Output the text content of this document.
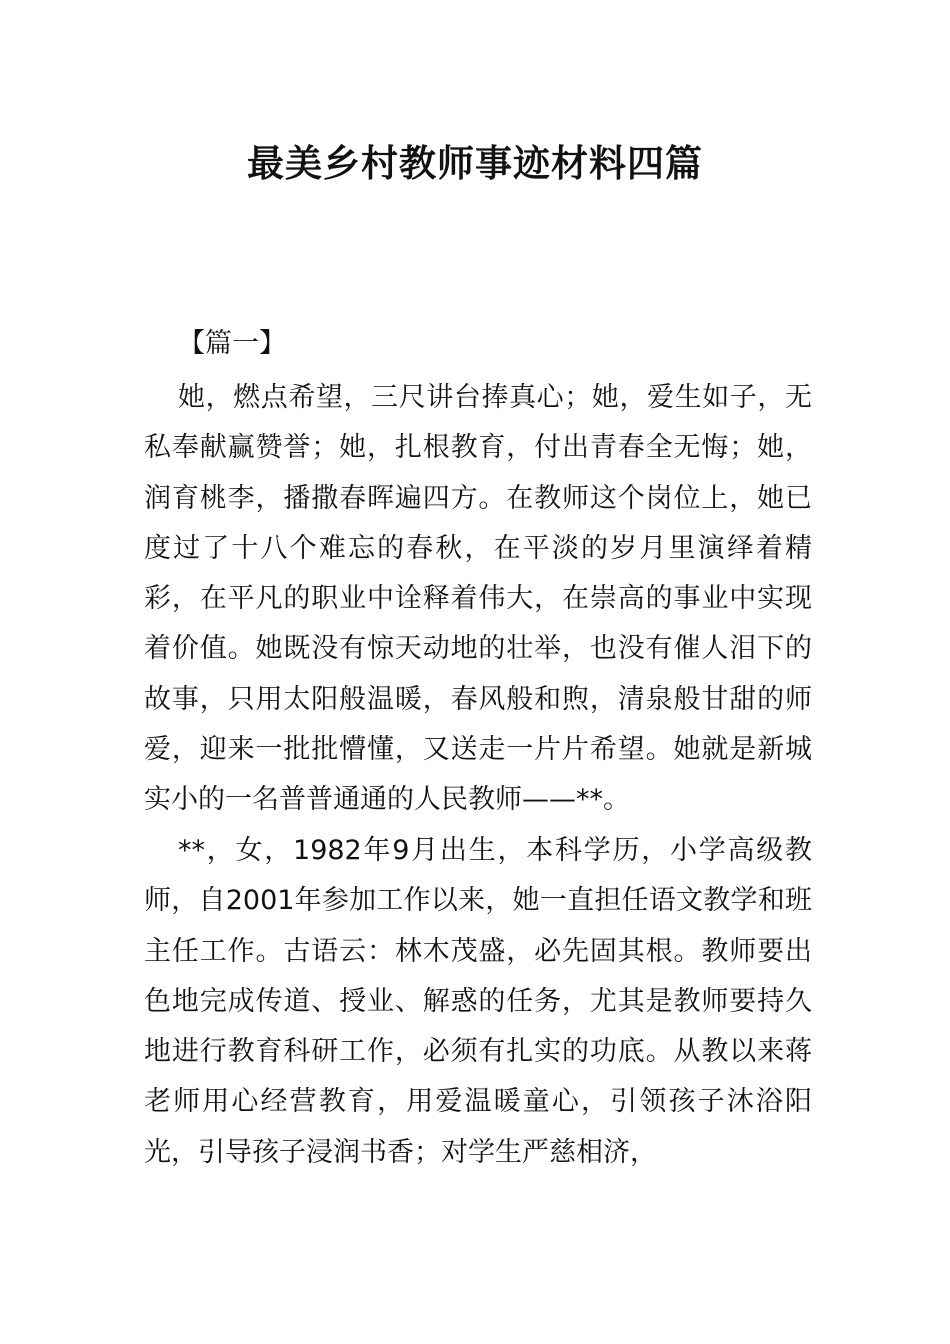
最美乡村教师事迹材料四篇
【篇一】

她，燃点希望，三尺讲台捧真心；她，爱生如子，无私奉献赢赞誉；她，扎根教育，付出青春全无悔；她，润育桃李，播撒春晖遍四方。在教师这个岗位上，她已度过了十八个难忘的春秋，在平淡的岁月里演绎着精彩，在平凡的职业中诠释着伟大，在崇高的事业中实现着价值。她既没有惊天动地的壮举，也没有催人泪下的故事，只用太阳般温暖，春风般和煦，清泉般甘甜的师爱，迎来一批批懵懂，又送走一片片希望。她就是新城实小的一名普普通通的人民教师——**。

**，女，1982年9月出生，本科学历，小学高级教师，自2001年参加工作以来，她一直担任语文教学和班主任工作。古语云：林木茂盛，必先固其根。教师要出色地完成传道、授业、解惑的任务，尤其是教师要持久地进行教育科研工作，必须有扎实的功底。从教以来蒋老师用心经营教育，用爱温暖童心，引领孩子沐浴阳光，引导孩子浸润书香；对学生严慈相济，
